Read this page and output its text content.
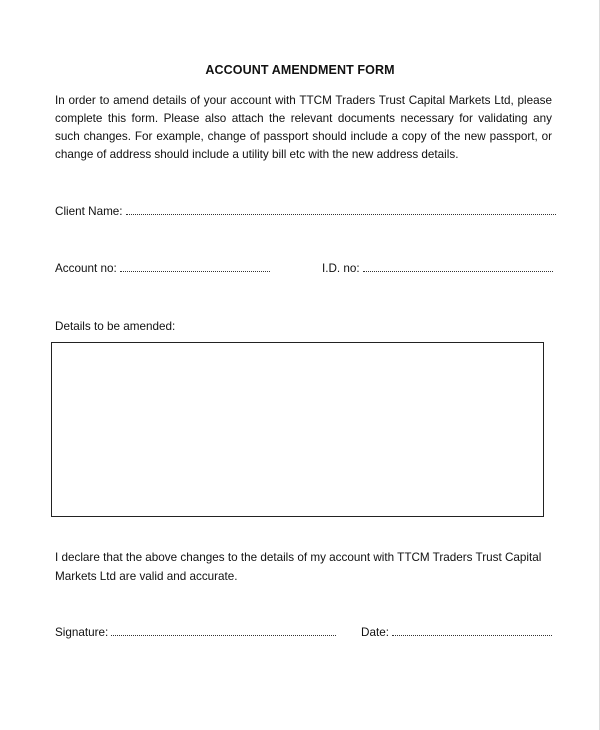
ACCOUNT AMENDMENT FORM
In order to amend details of your account with TTCM Traders Trust Capital Markets Ltd, please complete this form. Please also attach the relevant documents necessary for validating any such changes. For example, change of passport should include a copy of the new passport, or change of address should include a utility bill etc with the new address details.
Client Name:
Account no:	I.D. no:
Details to be amended:
I declare that the above changes to the details of my account with TTCM Traders Trust Capital Markets Ltd are valid and accurate.
Signature:	Date:
